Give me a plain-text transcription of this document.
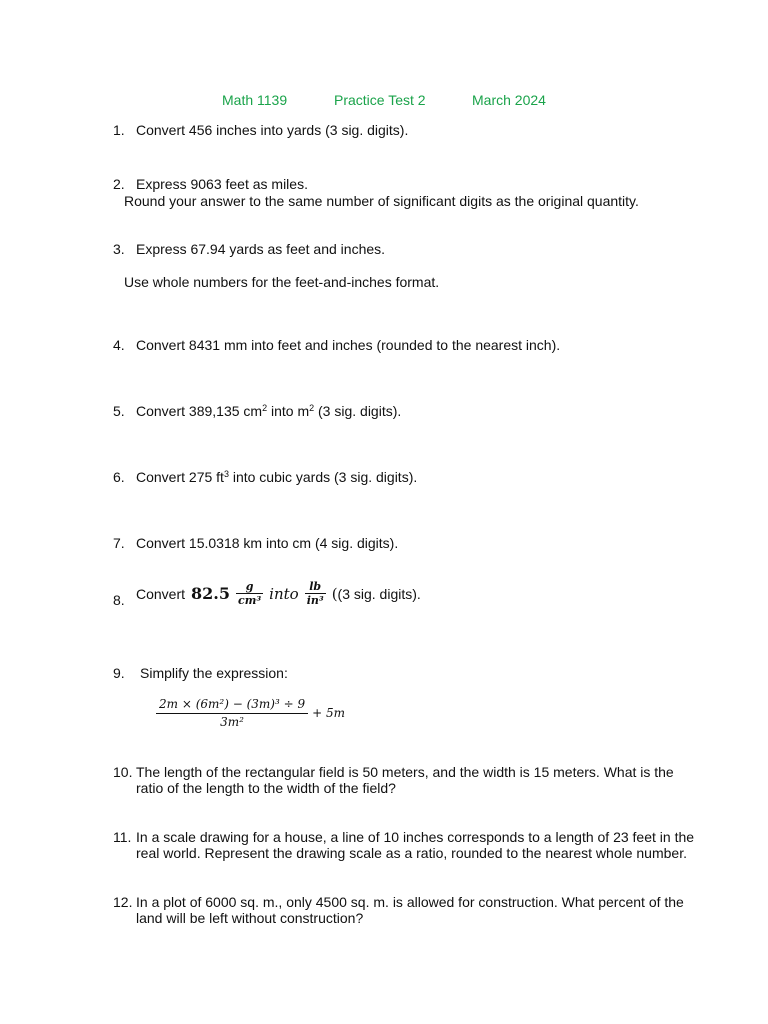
Math 1139	Practice Test 2	March 2024
1. Convert 456 inches into yards (3 sig. digits).
2. Express 9063 feet as miles.
Round your answer to the same number of significant digits as the original quantity.
3. Express 67.94 yards as feet and inches.
Use whole numbers for the feet-and-inches format.
4. Convert 8431 mm into feet and inches (rounded to the nearest inch).
5. Convert 389,135 $cm^2$ into $m^2$ (3 sig. digits).
6. Convert 275 $ft^3$ into cubic yards (3 sig. digits).
7. Convert 15.0318 km into cm (4 sig. digits).
8. Convert $82.5 \frac{g}{\text{cm³}}$ into $\frac{lb}{\text{in³}} ((3$ sig. digits).
9. Simplify the expression:
$\frac{\text{2m × (6m²) − (3m)³ ÷ 9}}{\text{3m²}} + 5m$
10. The length of the rectangular field is 50 meters, and the width is 15 meters. What is the ratio of the length to the width of the field?
11. In a scale drawing for a house, a line of 10 inches corresponds to a length of 23 feet in the real world. Represent the drawing scale as a ratio, rounded to the nearest whole number.
12. In a plot of 6000 sq. m., only 4500 sq. m. is allowed for construction. What percent of the land will be left without construction?
